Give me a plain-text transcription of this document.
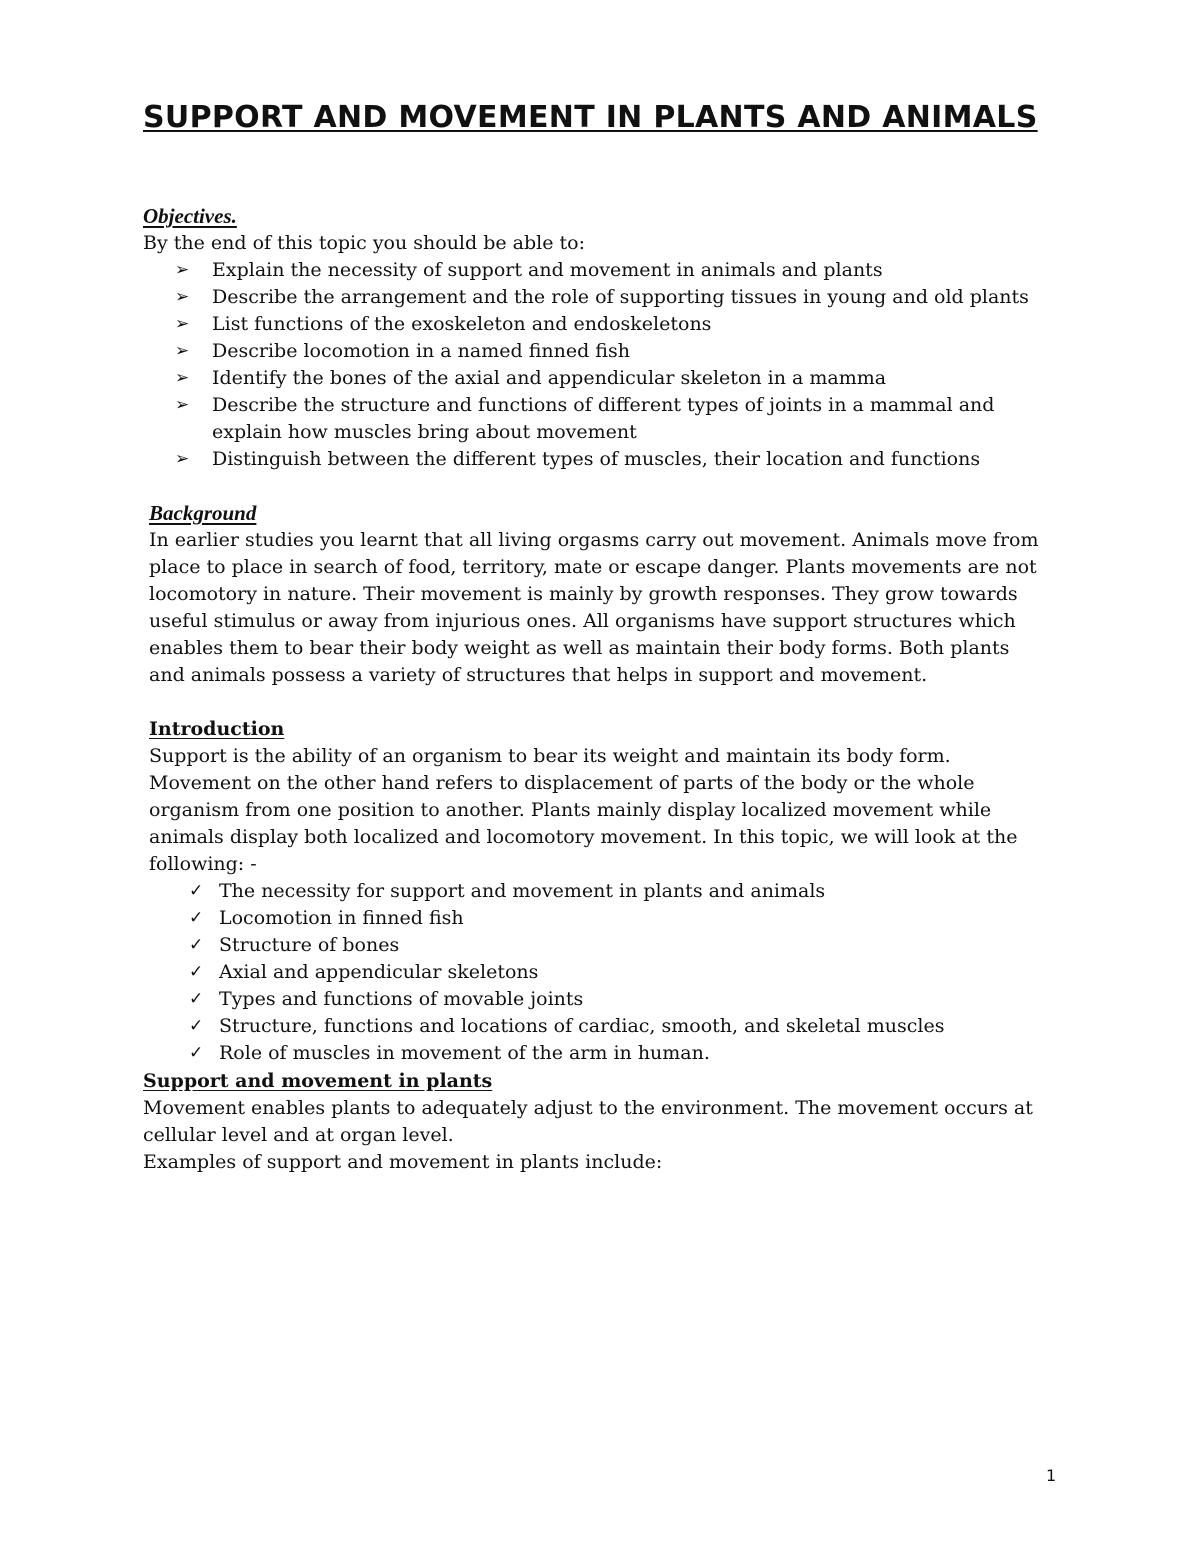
SUPPORT AND MOVEMENT IN PLANTS AND ANIMALS

Objectives.

By the end of this topic you should be able to:

➢ Explain the necessity of support and movement in animals and plants
➢ Describe the arrangement and the role of supporting tissues in young and old plants
➢ List functions of the exoskeleton and endoskeletons
➢ Describe locomotion in a named finned fish
➢ Identify the bones of the axial and appendicular skeleton in a mamma
➢ Describe the structure and functions of different types of joints in a mammal and explain how muscles bring about movement
➢ Distinguish between the different types of muscles, their location and functions

Background

In earlier studies you learnt that all living orgasms carry out movement. Animals move from place to place in search of food, territory, mate or escape danger. Plants movements are not locomotory in nature. Their movement is mainly by growth responses. They grow towards useful stimulus or away from injurious ones. All organisms have support structures which enables them to bear their body weight as well as maintain their body forms. Both plants and animals possess a variety of structures that helps in support and movement.

Introduction

Support is the ability of an organism to bear its weight and maintain its body form. Movement on the other hand refers to displacement of parts of the body or the whole organism from one position to another. Plants mainly display localized movement while animals display both localized and locomotory movement. In this topic, we will look at the following: -

✓ The necessity for support and movement in plants and animals
✓ Locomotion in finned fish
✓ Structure of bones
✓ Axial and appendicular skeletons
✓ Types and functions of movable joints
✓ Structure, functions and locations of cardiac, smooth, and skeletal muscles
✓ Role of muscles in movement of the arm in human.

Support and movement in plants

Movement enables plants to adequately adjust to the environment. The movement occurs at cellular level and at organ level.

Examples of support and movement in plants include:

1
